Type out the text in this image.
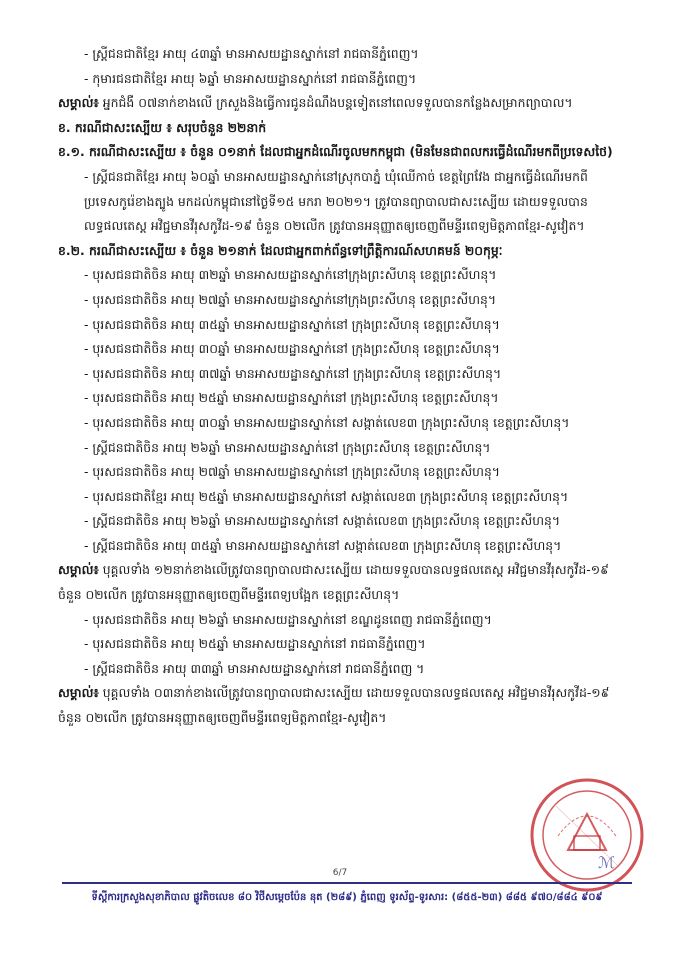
- ស្ត្រីជនជាតិខ្មែរ អាយុ ៤៣ឆ្នាំ មានអាសយដ្ឋានស្នាក់នៅ រាជធានីភ្នំពេញ។
- កុមារជនជាតិខ្មែរ អាយុ ៦ឆ្នាំ មានអាសយដ្ឋានស្នាក់នៅ រាជធានីភ្នំពេញ។
សម្គាល់៖ អ្នកជំងឺ ០៧នាក់ខាងលើ ក្រសួងនិងធ្វើការជូនដំណឹងបន្តទៀតនៅពេលទទួលបានកន្លែងសម្រាកព្យាបាល។
ខ. ករណីជាសះស្បើយ ៖ សរុបចំនួន ២២នាក់
ខ.១. ករណីជាសះស្បើយ ៖ ចំនួន ០១នាក់ ដែលជាអ្នកដំណើរចូលមកកម្ពុជា (មិនមែនជាពលករធ្វើដំណើរមកពីប្រទេសថៃ)
- ស្ត្រីជនជាតិខ្មែរ អាយុ ៦០ឆ្នាំ មានអាសយដ្ឋានស្នាក់នៅស្រុកបាភ្នំ ឃុំឈើកាច់ ខេត្តព្រៃវែង ជាអ្នកធ្វើដំណើរមកពីប្រទេសកូរ៉េខាងត្បូង មកដល់កម្ពុជានៅថ្ងៃទី១៥ មករា ២០២១។ ត្រូវបានព្យាបាលជាសះស្បើយ ដោយទទួលបានលទ្ធផលតេស្ត អវិជ្ជមានវីរុសកូវីដ-១៩ ចំនួន ០២លើក ត្រូវបានអនុញ្ញាតឲ្យចេញពីមន្ទីរពេទ្យមិត្តភាពខ្មែរ-សូវៀត។
ខ.២. ករណីជាសះស្បើយ ៖ ចំនួន ២១នាក់ ដែលជាអ្នកពាក់ព័ន្ធទៅព្រឹត្តិការណ៍សហគមន៍ ២០កុម្ភៈ
- បុរសជនជាតិចិន អាយុ ៣២ឆ្នាំ មានអាសយដ្ឋានស្នាក់នៅក្រុងព្រះសីហនុ ខេត្តព្រះសីហនុ។
- បុរសជនជាតិចិន អាយុ ២៧ឆ្នាំ មានអាសយដ្ឋានស្នាក់នៅក្រុងព្រះសីហនុ ខេត្តព្រះសីហនុ។
- បុរសជនជាតិចិន អាយុ ៣៥ឆ្នាំ មានអាសយដ្ឋានស្នាក់នៅ ក្រុងព្រះសីហនុ ខេត្តព្រះសីហនុ។
- បុរសជនជាតិចិន អាយុ ៣០ឆ្នាំ មានអាសយដ្ឋានស្នាក់នៅ ក្រុងព្រះសីហនុ ខេត្តព្រះសីហនុ។
- បុរសជនជាតិចិន អាយុ ៣៧ឆ្នាំ មានអាសយដ្ឋានស្នាក់នៅ ក្រុងព្រះសីហនុ ខេត្តព្រះសីហនុ។
- បុរសជនជាតិចិន អាយុ ២៥ឆ្នាំ មានអាសយដ្ឋានស្នាក់នៅ ក្រុងព្រះសីហនុ ខេត្តព្រះសីហនុ។
- បុរសជនជាតិចិន អាយុ ៣០ឆ្នាំ មានអាសយដ្ឋានស្នាក់នៅ សង្កាត់លេខ៣ ក្រុងព្រះសីហនុ ខេត្តព្រះសីហនុ។
- ស្ត្រីជនជាតិចិន អាយុ ២៦ឆ្នាំ មានអាសយដ្ឋានស្នាក់នៅ ក្រុងព្រះសីហនុ ខេត្តព្រះសីហនុ។
- បុរសជនជាតិចិន អាយុ ២៧ឆ្នាំ មានអាសយដ្ឋានស្នាក់នៅ ក្រុងព្រះសីហនុ ខេត្តព្រះសីហនុ។
- បុរសជនជាតិខ្មែរ អាយុ ២៥ឆ្នាំ មានអាសយដ្ឋានស្នាក់នៅ សង្កាត់លេខ៣ ក្រុងព្រះសីហនុ ខេត្តព្រះសីហនុ។
- ស្ត្រីជនជាតិចិន អាយុ ២៦ឆ្នាំ មានអាសយដ្ឋានស្នាក់នៅ សង្កាត់លេខ៣ ក្រុងព្រះសីហនុ ខេត្តព្រះសីហនុ។
- ស្ត្រីជនជាតិចិន អាយុ ៣៥ឆ្នាំ មានអាសយដ្ឋានស្នាក់នៅ សង្កាត់លេខ៣ ក្រុងព្រះសីហនុ ខេត្តព្រះសីហនុ។
សម្គាល់៖ បុគ្គលទាំង ១២នាក់ខាងលើត្រូវបានព្យាបាលជាសះស្បើយ ដោយទទួលបានលទ្ធផលតេស្ត អវិជ្ជមានវីរុសកូវីដ-១៩ ចំនួន ០២លើក ត្រូវបានអនុញ្ញាតឲ្យចេញពីមន្ទីរពេទ្យបង្អែក ខេត្តព្រះសីហនុ។
- បុរសជនជាតិចិន អាយុ ២៦ឆ្នាំ មានអាសយដ្ឋានស្នាក់នៅ ខណ្ឌដូនពេញ រាជធានីភ្នំពេញ។
- បុរសជនជាតិចិន អាយុ ២៥ឆ្នាំ មានអាសយដ្ឋានស្នាក់នៅ រាជធានីភ្នំពេញ។
- ស្ត្រីជនជាតិចិន អាយុ ៣៣ឆ្នាំ មានអាសយដ្ឋានស្នាក់នៅ រាជធានីភ្នំពេញ ។
សម្គាល់៖ បុគ្គលទាំង ០៣នាក់ខាងលើត្រូវបានព្យាបាលជាសះស្បើយ ដោយទទួលបានលទ្ធផលតេស្ត អវិជ្ជមានវីរុសកូវីដ-១៩ ចំនួន ០២លើក ត្រូវបានអនុញ្ញាតឲ្យចេញពីមន្ទីរពេទ្យមិត្តភាពខ្មែរ-សូវៀត។
ℳ
6/7
ទីស្តីការក្រសួងសុខាភិបាល ផ្លូវតិចលេខ ៨០ វិថីសម្តេចប៉ែន នុត (២៨៩) ភ្នំពេញ ទូរស័ព្ទ-ទូរសារ: (៨៥៥-២៣) ៨៨៥ ៩៧០/៨៨៤ ៩០៩
